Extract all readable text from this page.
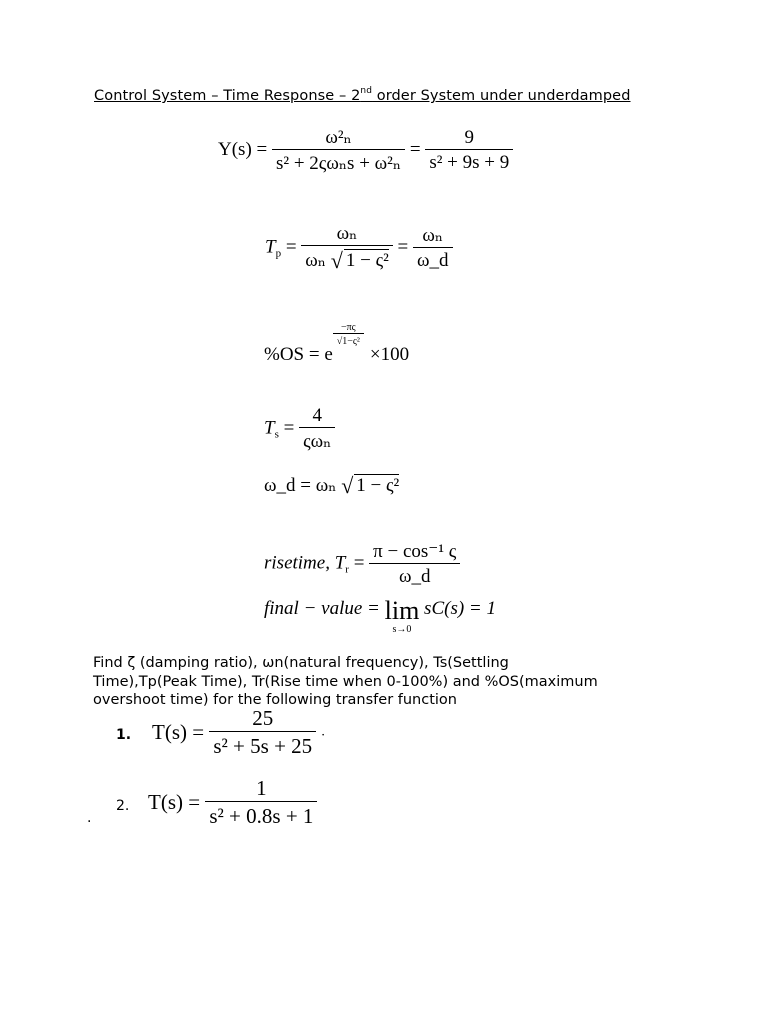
Control System – Time Response – 2nd order System under underdamped
$Y(s) = \frac{\text{ω²ₙ}}{\text{s² + 2ςωₙs + ω²ₙ}} = \frac{9}{\text{s² + 9s + 9}}$
$T_p = \frac{\text{ωₙ}}{\text{ωₙ √ 1 − ς²}} = \frac{\text{ωₙ}}{\omega\_d}$
%OS = e
$\frac{-\pi\varsigma}{\text{√1−ς²}}$
×100
$T_s = \frac{4}{\text{ςωₙ}}$
ω_d = ωₙ √ 1 − ς²
risetime, $T_r = \frac{\text{π − cos⁻¹ ς}}{\omega\_d}$
final − value = lim
s→0
sC(s) = 1
Find ζ (damping ratio), ωn(natural frequency), Ts(Settling
Time),Tp(Peak Time), Tr(Rise time when 0-100%) and %OS(maximum
overshoot time) for the following transfer function
1. $T(s) = \frac{25}{\text{s² + 5s + 25}}$ .
.
2. $T(s) = \frac{1}{\text{s² + 0.8s + 1}}$
